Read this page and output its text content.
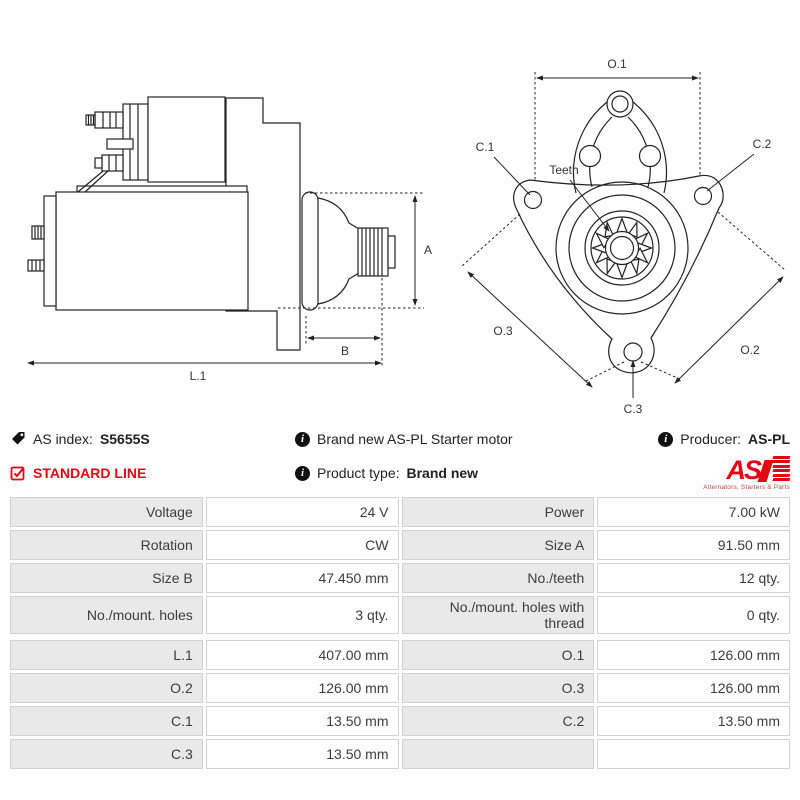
A
B
L.1
O.1
C.1	C.2
Teeth
O.3
O.2
C.3
AS index: S5655S	i Brand new AS-PL Starter motor	i Producer: AS-PL
STANDARD LINE	i Product type: Brand new	AS
Alternators, Starters & Parts
Voltage	24 V	Power	7.00 kW
Rotation	CW	Size A	91.50 mm
Size B	47.450 mm	No./teeth	12 qty.
No./mount. holes	3 qty.	No./mount. holes with thread	0 qty.
L.1	407.00 mm	O.1	126.00 mm
O.2	126.00 mm	O.3	126.00 mm
C.1	13.50 mm	C.2	13.50 mm
C.3	13.50 mm
